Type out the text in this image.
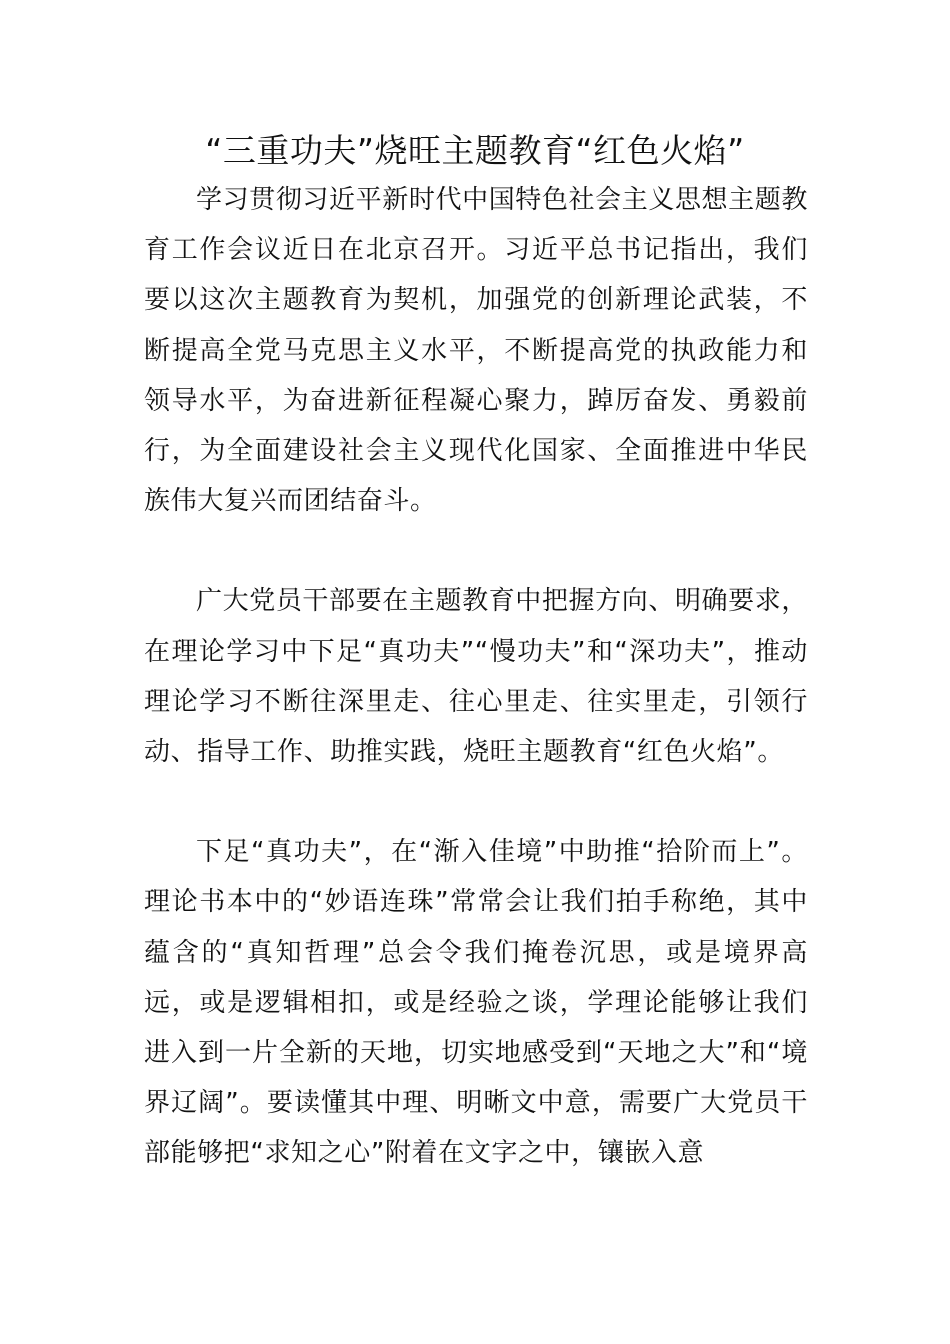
“三重功夫”烧旺主题教育“红色火焰”

学习贯彻习近平新时代中国特色社会主义思想主题教育工作会议近日在北京召开。习近平总书记指出，我们要以这次主题教育为契机，加强党的创新理论武装，不断提高全党马克思主义水平，不断提高党的执政能力和领导水平，为奋进新征程凝心聚力，踔厉奋发、勇毅前行，为全面建设社会主义现代化国家、全面推进中华民族伟大复兴而团结奋斗。

广大党员干部要在主题教育中把握方向、明确要求，在理论学习中下足“真功夫”“慢功夫”和“深功夫”，推动理论学习不断往深里走、往心里走、往实里走，引领行动、指导工作、助推实践，烧旺主题教育“红色火焰”。

下足“真功夫”，在“渐入佳境”中助推“拾阶而上”。理论书本中的“妙语连珠”常常会让我们拍手称绝，其中蕴含的“真知哲理”总会令我们掩卷沉思，或是境界高远，或是逻辑相扣，或是经验之谈，学理论能够让我们进入到一片全新的天地，切实地感受到“天地之大”和“境界辽阔”。要读懂其中理、明晰文中意，需要广大党员干部能够把“求知之心”附着在文字之中，镶嵌入意
